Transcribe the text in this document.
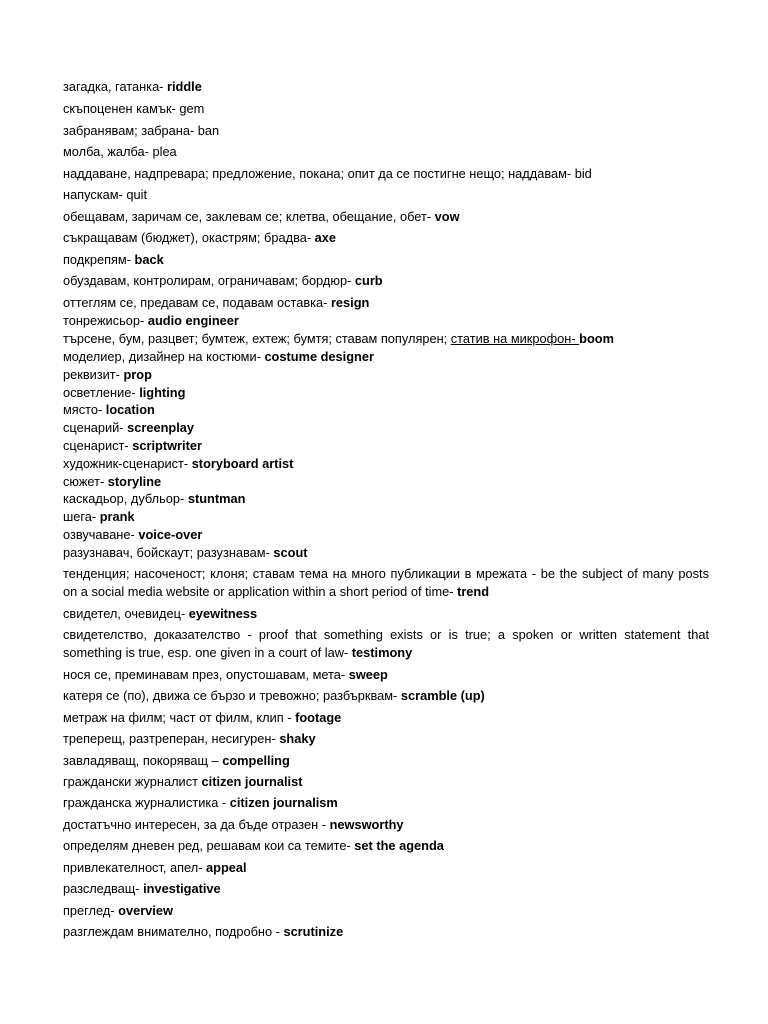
загадка, гатанка- riddle
скъпоценен камък- gem
забранявам; забрана- ban
молба, жалба- plea
наддаване, надпревара; предложение, покана; опит да се постигне нещо; наддавам- bid
напускам- quit
обещавам, заричам се, заклевам се; клетва, обещание, обет- vow
съкращавам (бюджет), окастрям; брадва- axe
подкрепям- back
обуздавам, контролирам, ограничавам; бордюр- curb
оттеглям се, предавам се, подавам оставка- resign
тонрежисьор- audio engineer
търсене, бум, разцвет; бумтеж, ехтеж; бумтя; ставам популярен; статив на микрофон- boom
моделиер, дизайнер на костюми- costume designer
реквизит- prop
осветление- lighting
място- location
сценарий- screenplay
сценарист- scriptwriter
художник-сценарист- storyboard artist
сюжет- storyline
каскадьор, дубльор- stuntman
шега- prank
озвучаване- voice-over
разузнавач, бойскаут; разузнавам- scout
тенденция; насоченост; клоня; ставам тема на много публикации в мрежата - be the subject of many posts on a social media website or application within a short period of time- trend
свидетел, очевидец- eyewitness
свидетелство, доказателство - proof that something exists or is true; a spoken or written statement that something is true, esp. one given in a court of law- testimony
нося се, преминавам през, опустошавам, мета- sweep
катеря се (по), движа се бързо и тревожно; разбърквам- scramble (up)
метраж на филм; част от филм, клип - footage
треперещ, разтреперан, несигурен- shaky
завладяващ, покоряващ – compelling
граждански журналист citizen journalist
гражданска журналистика - citizen journalism
достатъчно интересен, за да бъде отразен - newsworthy
определям дневен ред, решавам кои са темите- set the agenda
привлекателност, апел- appeal
разследващ- investigative
преглед- overview
разглеждам внимателно, подробно - scrutinize
